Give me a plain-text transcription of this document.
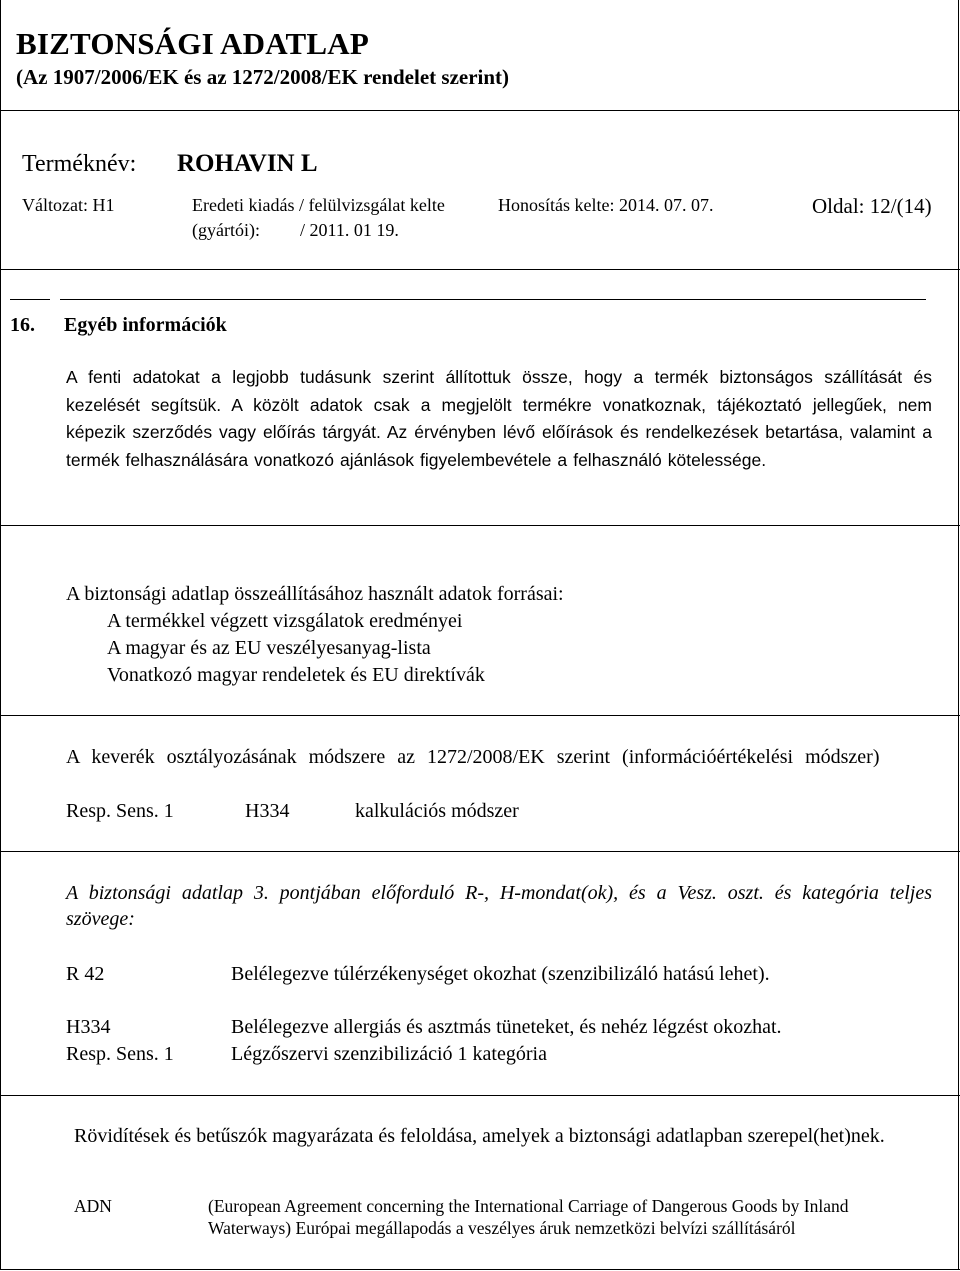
BIZTONSÁGI ADATLAP
(Az 1907/2006/EK és az 1272/2008/EK rendelet szerint)
Terméknév: ROHAVIN L
Változat: H1	Eredeti kiadás / felülvizsgálat kelte
(gyártói): / 2011. 01 19.
Honosítás kelte: 2014. 07. 07.	Oldal: 12/(14)
16. Egyéb információk
A fenti adatokat a legjobb tudásunk szerint állítottuk össze, hogy a termék biztonságos szállítását és kezelését segítsük. A közölt adatok csak a megjelölt termékre vonatkoznak, tájékoztató jellegűek, nem képezik szerződés vagy előírás tárgyát. Az érvényben lévő előírások és rendelkezések betartása, valamint a termék felhasználására vonatkozó ajánlások figyelembevétele a felhasználó kötelessége.
A biztonsági adatlap összeállításához használt adatok forrásai:
A termékkel végzett vizsgálatok eredményei
A magyar és az EU veszélyesanyag-lista
Vonatkozó magyar rendeletek és EU direktívák
A keverék osztályozásának módszere az 1272/2008/EK szerint (információértékelési módszer)
Resp. Sens. 1	H334	kalkulációs módszer
A biztonsági adatlap 3. pontjában előforduló R-, H-mondat(ok), és a Vesz. oszt. és kategória teljes szövege:
R 42	Belélegezve túlérzékenységet okozhat (szenzibilizáló hatású lehet).
H334	Belélegezve allergiás és asztmás tüneteket, és nehéz légzést okozhat.
Resp. Sens. 1	Légzőszervi szenzibilizáció 1 kategória
Rövidítések és betűszók magyarázata és feloldása, amelyek a biztonsági adatlapban szerepel(het)nek.
ADN	(European Agreement concerning the International Carriage of Dangerous Goods by Inland
Waterways) Európai megállapodás a veszélyes áruk nemzetközi belvízi szállításáról
